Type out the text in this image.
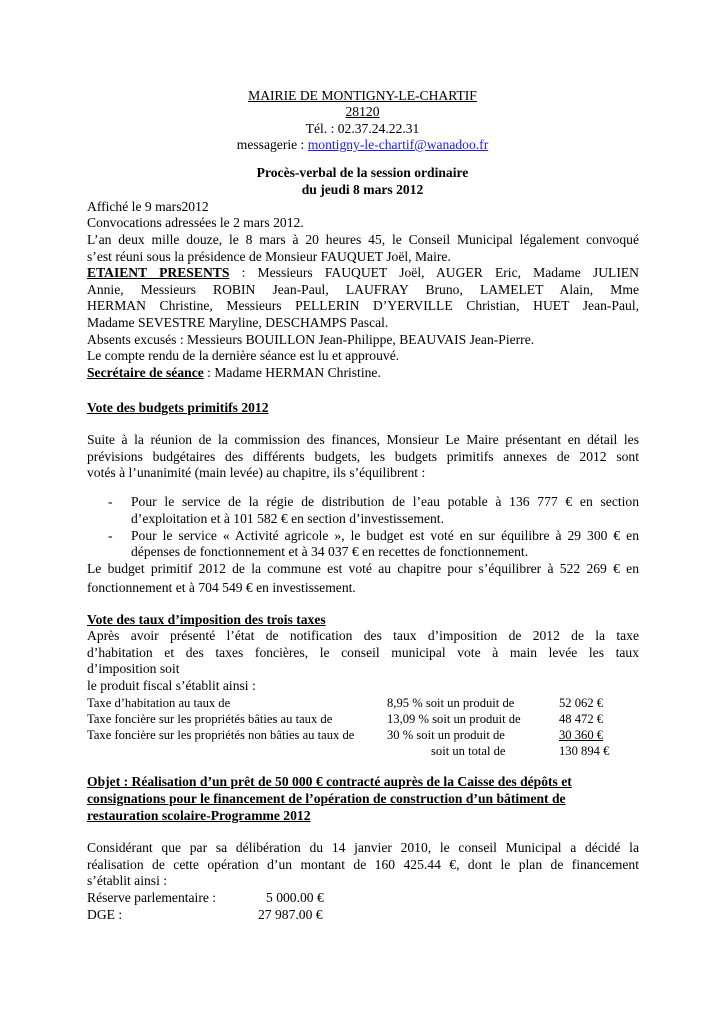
MAIRIE DE MONTIGNY-LE-CHARTIF
28120
Tél. : 02.37.24.22.31
messagerie : montigny-le-chartif@wanadoo.fr
Procès-verbal de la session ordinaire
du jeudi 8 mars 2012
Affiché le 9 mars2012
Convocations adressées le 2 mars 2012.
L’an deux mille douze, le 8 mars à 20 heures 45, le Conseil Municipal légalement convoqué
s’est réuni sous la présidence de Monsieur FAUQUET Joël, Maire.
ETAIENT PRESENTS : Messieurs FAUQUET Joël, AUGER Eric, Madame JULIEN
Annie, Messieurs ROBIN Jean-Paul, LAUFRAY Bruno, LAMELET Alain, Mme
HERMAN Christine, Messieurs PELLERIN D’YERVILLE Christian, HUET Jean-Paul,
Madame SEVESTRE Maryline, DESCHAMPS Pascal.
Absents excusés : Messieurs BOUILLON Jean-Philippe, BEAUVAIS Jean-Pierre.
Le compte rendu de la dernière séance est lu et approuvé.
Secrétaire de séance : Madame HERMAN Christine.
Vote des budgets primitifs 2012
Suite à la réunion de la commission des finances, Monsieur Le Maire présentant en détail les
prévisions budgétaires des différents budgets, les budgets primitifs annexes de 2012 sont
votés à l’unanimité (main levée) au chapitre, ils s’équilibrent :
- Pour le service de la régie de distribution de l’eau potable à 136 777 € en section
d’exploitation et à 101 582 € en section d’investissement.
- Pour le service « Activité agricole », le budget est voté en sur équilibre à 29 300 € en
dépenses de fonctionnement et à 34 037 € en recettes de fonctionnement.
Le budget primitif 2012 de la commune est voté au chapitre pour s’équilibrer à 522 269 € en
fonctionnement et à 704 549 € en investissement.
Vote des taux d’imposition des trois taxes
Après avoir présenté l’état de notification des taux d’imposition de 2012 de la taxe
d’habitation et des taxes foncières, le conseil municipal vote à main levée les taux
d’imposition soit
le produit fiscal s’établit ainsi :
Taxe d’habitation au taux de	8,95 % soit un produit de	52 062 €
Taxe foncière sur les propriétés bâties au taux de	13,09 % soit un produit de	48 472 €
Taxe foncière sur les propriétés non bâties au taux de	30 % soit un produit de	30 360 €
soit un total de	130 894 €
Objet : Réalisation d’un prêt de 50 000 € contracté auprès de la Caisse des dépôts et
consignations pour le financement de l’opération de construction d’un bâtiment de
restauration scolaire-Programme 2012
Considérant que par sa délibération du 14 janvier 2010, le conseil Municipal a décidé la
réalisation de cette opération d’un montant de 160 425.44 €, dont le plan de financement
s’établit ainsi :
Réserve parlementaire :	5 000.00 €
DGE :	27 987.00 €
